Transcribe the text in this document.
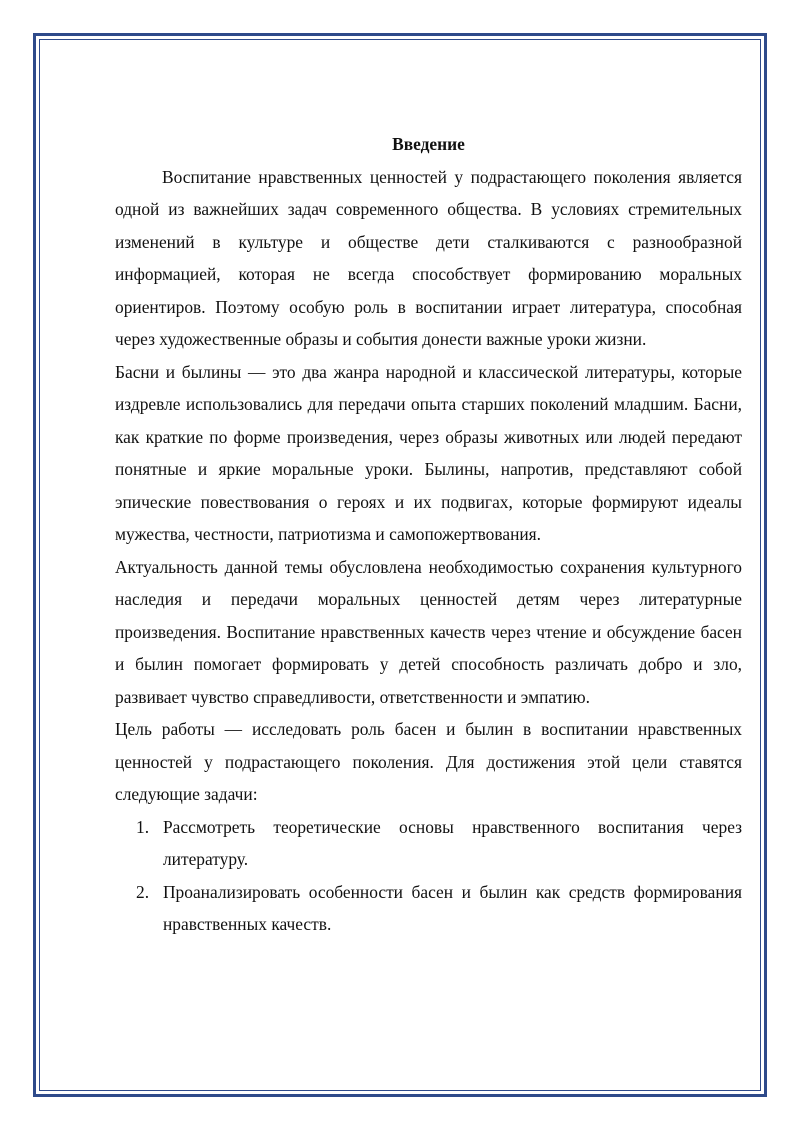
Введение

Воспитание нравственных ценностей у подрастающего поколения является одной из важнейших задач современного общества. В условиях стремительных изменений в культуре и обществе дети сталкиваются с разнообразной информацией, которая не всегда способствует формированию моральных ориентиров. Поэтому особую роль в воспитании играет литература, способная через художественные образы и события донести важные уроки жизни.

Басни и былины — это два жанра народной и классической литературы, которые издревле использовались для передачи опыта старших поколений младшим. Басни, как краткие по форме произведения, через образы животных или людей передают понятные и яркие моральные уроки. Былины, напротив, представляют собой эпические повествования о героях и их подвигах, которые формируют идеалы мужества, честности, патриотизма и самопожертвования.

Актуальность данной темы обусловлена необходимостью сохранения культурного наследия и передачи моральных ценностей детям через литературные произведения. Воспитание нравственных качеств через чтение и обсуждение басен и былин помогает формировать у детей способность различать добро и зло, развивает чувство справедливости, ответственности и эмпатию.

Цель работы — исследовать роль басен и былин в воспитании нравственных ценностей у подрастающего поколения. Для достижения этой цели ставятся следующие задачи:

1. Рассмотреть теоретические основы нравственного воспитания через литературу.
2. Проанализировать особенности басен и былин как средств формирования нравственных качеств.
